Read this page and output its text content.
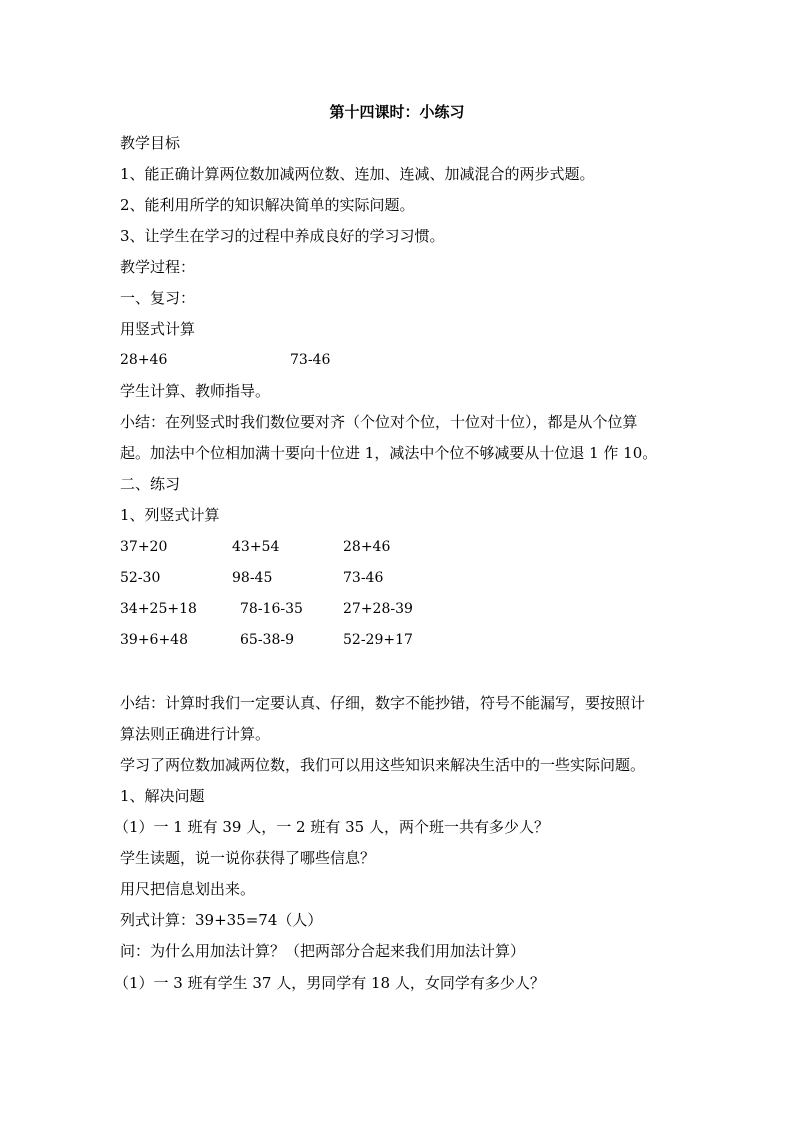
第十四课时：小练习
教学目标
1、能正确计算两位数加减两位数、连加、连减、加减混合的两步式题。
2、能利用所学的知识解决简单的实际问题。
3、让学生在学习的过程中养成良好的学习习惯。
教学过程：
一、复习：
用竖式计算
28+46	73-46
学生计算、教师指导。
小结：在列竖式时我们数位要对齐（个位对个位，十位对十位），都是从个位算
起。加法中个位相加满十要向十位进 1，减法中个位不够减要从十位退 1 作 10。
二、练习
1、列竖式计算
37+20	43+54	28+46
52-30	98-45	73-46
34+25+18	78-16-35	27+28-39
39+6+48	65-38-9	52-29+17
小结：计算时我们一定要认真、仔细，数字不能抄错，符号不能漏写，要按照计
算法则正确进行计算。
学习了两位数加减两位数，我们可以用这些知识来解决生活中的一些实际问题。
1、解决问题
（1）一 1 班有 39 人，一 2 班有 35 人，两个班一共有多少人？
学生读题，说一说你获得了哪些信息？
用尺把信息划出来。
列式计算：39+35=74（人）
问：为什么用加法计算？（把两部分合起来我们用加法计算）
（1）一 3 班有学生 37 人，男同学有 18 人，女同学有多少人？
